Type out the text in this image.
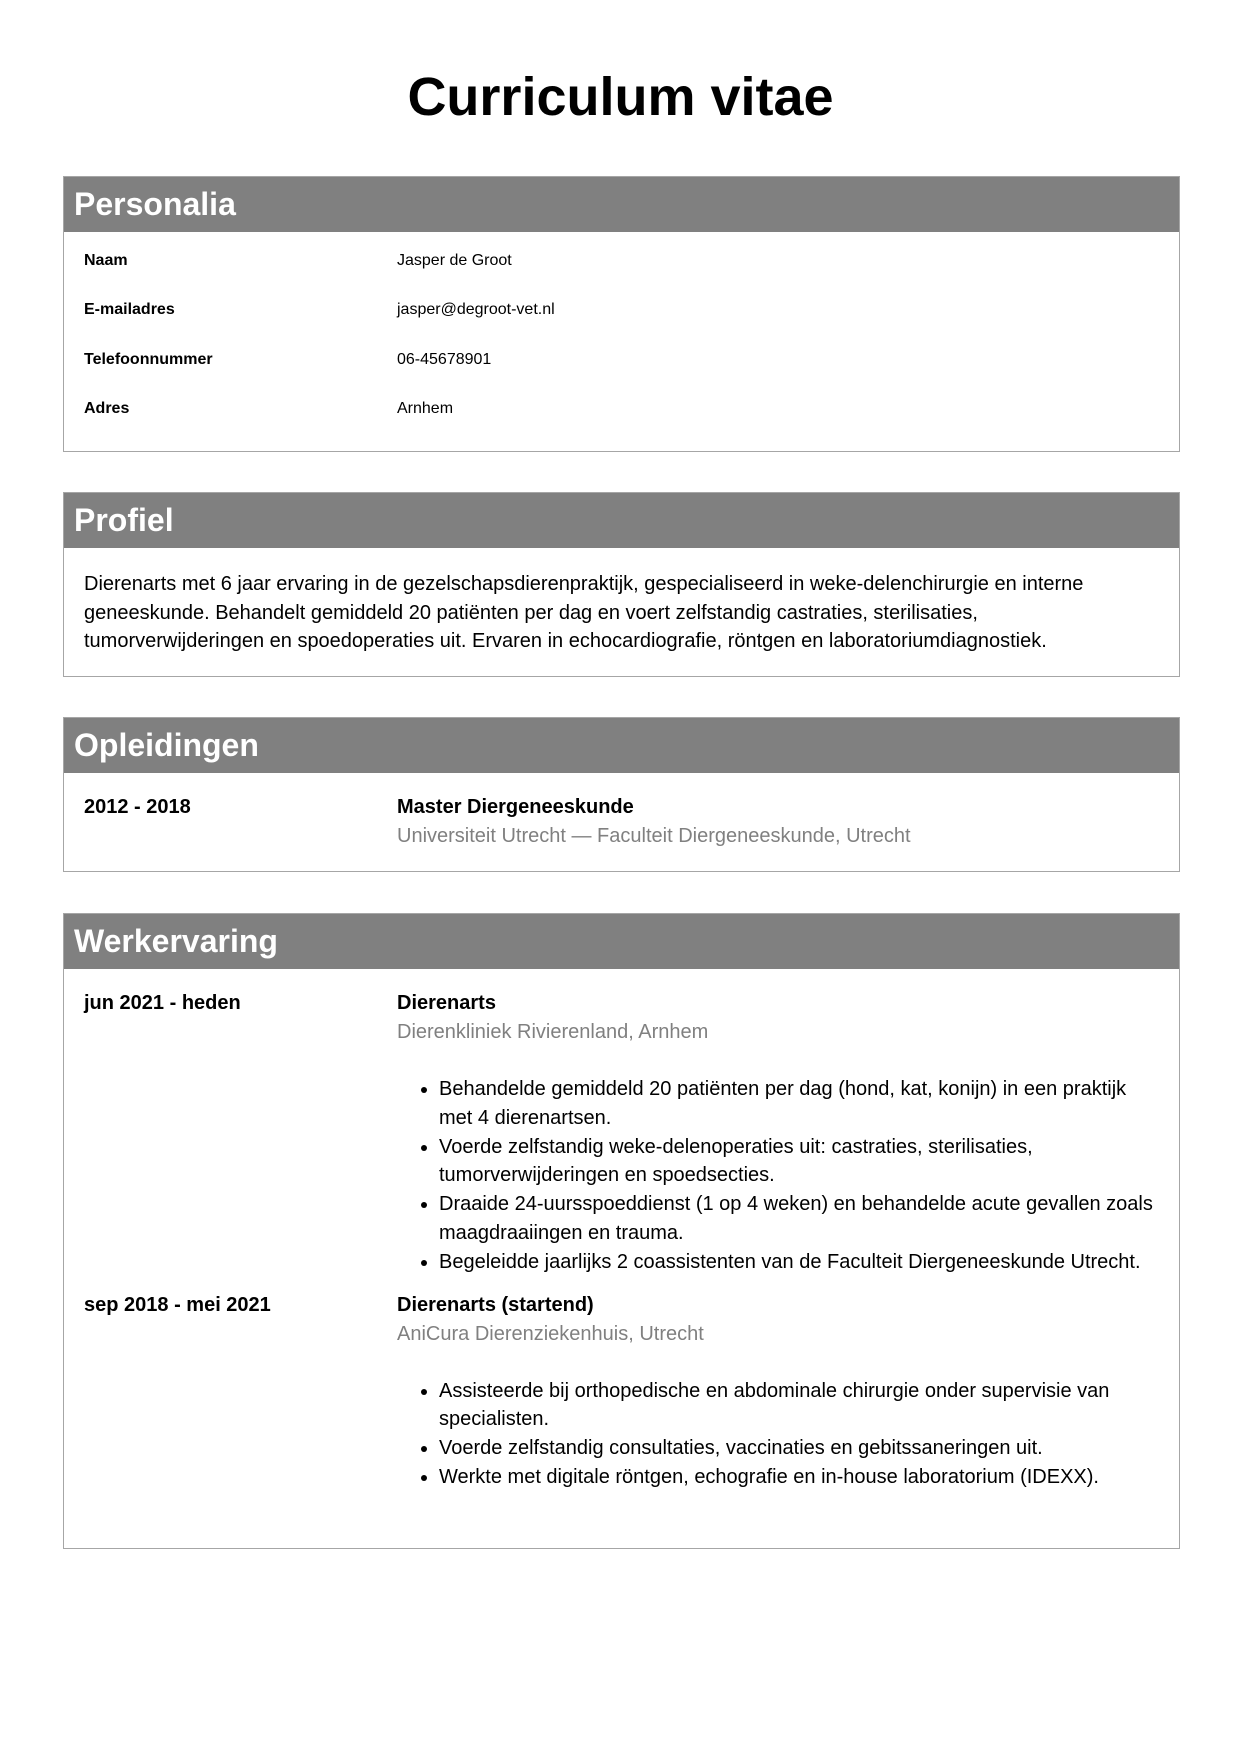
Curriculum vitae
Personalia
Naam	Jasper de Groot
E-mailadres	jasper@degroot-vet.nl
Telefoonnummer	06-45678901
Adres	Arnhem
Profiel
Dierenarts met 6 jaar ervaring in de gezelschapsdierenpraktijk, gespecialiseerd in weke-delenchirurgie en interne geneeskunde. Behandelt gemiddeld 20 patiënten per dag en voert zelfstandig castraties, sterilisaties, tumorverwijderingen en spoedoperaties uit. Ervaren in echocardiografie, röntgen en laboratoriumdiagnostiek.
Opleidingen
2012 - 2018	Master Diergeneeskunde
Universiteit Utrecht — Faculteit Diergeneeskunde, Utrecht
Werkervaring
jun 2021 - heden	Dierenarts
Dierenkliniek Rivierenland, Arnhem
• Behandelde gemiddeld 20 patiënten per dag (hond, kat, konijn) in een praktijk met 4 dierenartsen.
• Voerde zelfstandig weke-delenoperaties uit: castraties, sterilisaties, tumorverwijderingen en spoedsecties.
• Draaide 24-uursspoeddienst (1 op 4 weken) en behandelde acute gevallen zoals maagdraaiingen en trauma.
• Begeleidde jaarlijks 2 coassistenten van de Faculteit Diergeneeskunde Utrecht.
sep 2018 - mei 2021	Dierenarts (startend)
AniCura Dierenziekenhuis, Utrecht
• Assisteerde bij orthopedische en abdominale chirurgie onder supervisie van specialisten.
• Voerde zelfstandig consultaties, vaccinaties en gebitssaneringen uit.
• Werkte met digitale röntgen, echografie en in-house laboratorium (IDEXX).
